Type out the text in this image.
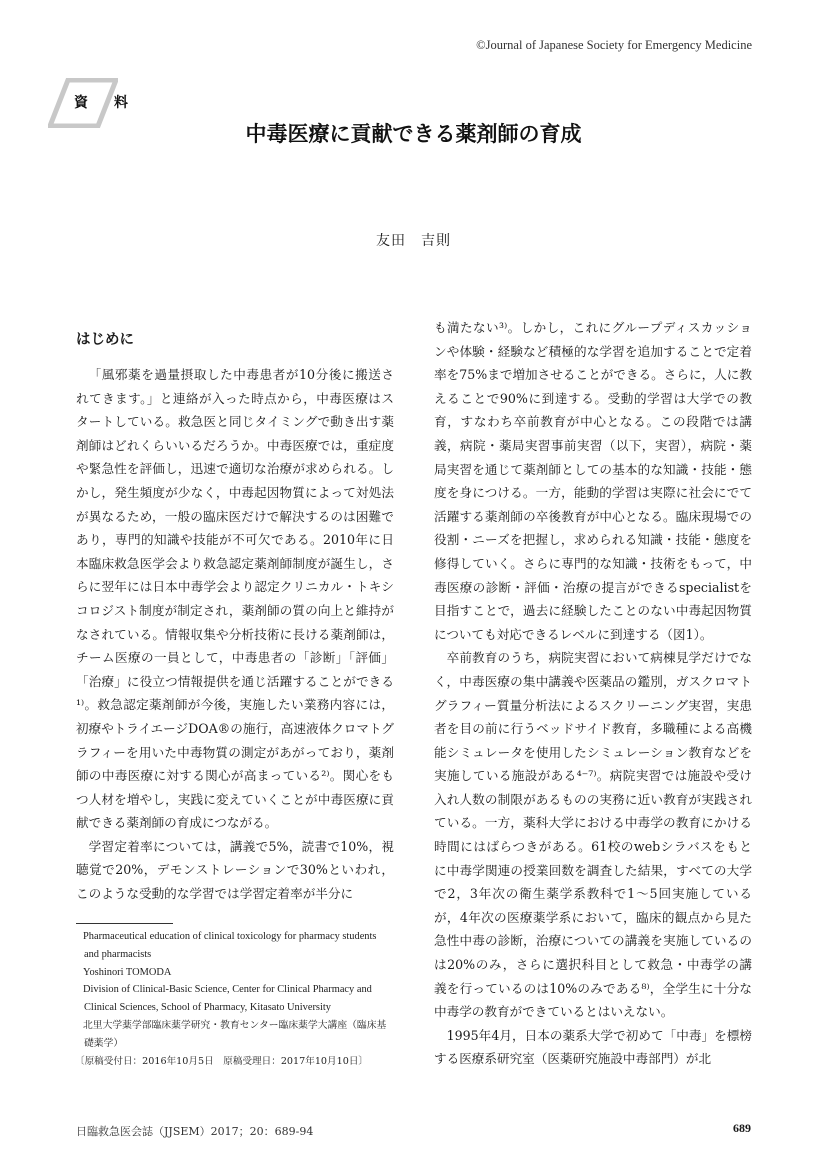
©Journal of Japanese Society for Emergency Medicine
資　料
中毒医療に貢献できる薬剤師の育成
友田　吉則
はじめに

「風邪薬を過量摂取した中毒患者が10分後に搬送されてきます。」と連絡が入った時点から，中毒医療はスタートしている。救急医と同じタイミングで動き出す薬剤師はどれくらいいるだろうか。中毒医療では，重症度や緊急性を評価し，迅速で適切な治療が求められる。しかし，発生頻度が少なく，中毒起因物質によって対処法が異なるため，一般の臨床医だけで解決するのは困難であり，専門的知識や技能が不可欠である。2010年に日本臨床救急医学会より救急認定薬剤師制度が誕生し，さらに翌年には日本中毒学会より認定クリニカル・トキシコロジスト制度が制定され，薬剤師の質の向上と維持がなされている。情報収集や分析技術に長ける薬剤師は，チーム医療の一員として，中毒患者の「診断」「評価」「治療」に役立つ情報提供を通じ活躍することができる¹⁾。救急認定薬剤師が今後，実施したい業務内容には，初療やトライエージDOA®の施行，高速液体クロマトグラフィーを用いた中毒物質の測定があがっており，薬剤師の中毒医療に対する関心が高まっている²⁾。関心をもつ人材を増やし，実践に変えていくことが中毒医療に貢献できる薬剤師の育成につながる。

学習定着率については，講義で5%，読書で10%，視聴覚で20%，デモンストレーションで30%といわれ，このような受動的な学習では学習定着率が半分に

も満たない³⁾。しかし，これにグループディスカッションや体験・経験など積極的な学習を追加することで定着率を75%まで増加させることができる。さらに，人に教えることで90%に到達する。受動的学習は大学での教育，すなわち卒前教育が中心となる。この段階では講義，病院・薬局実習事前実習（以下，実習），病院・薬局実習を通じて薬剤師としての基本的な知識・技能・態度を身につける。一方，能動的学習は実際に社会にでて活躍する薬剤師の卒後教育が中心となる。臨床現場での役割・ニーズを把握し，求められる知識・技能・態度を修得していく。さらに専門的な知識・技術をもって，中毒医療の診断・評価・治療の提言ができるspecialistを目指すことで，過去に経験したことのない中毒起因物質についても対応できるレベルに到達する（図1）。

卒前教育のうち，病院実習において病棟見学だけでなく，中毒医療の集中講義や医薬品の鑑別，ガスクロマトグラフィー質量分析法によるスクリーニング実習，実患者を目の前に行うベッドサイド教育，多職種による高機能シミュレータを使用したシミュレーション教育などを実施している施設がある⁴⁻⁷⁾。病院実習では施設や受け入れ人数の制限があるものの実務に近い教育が実践されている。一方，薬科大学における中毒学の教育にかける時間にはばらつきがある。61校のwebシラバスをもとに中毒学関連の授業回数を調査した結果，すべての大学で2，3年次の衛生薬学系教科で1～5回実施しているが，4年次の医療薬学系において，臨床的観点から見た急性中毒の診断，治療についての講義を実施しているのは20%のみ，さらに選択科目として救急・中毒学の講義を行っているのは10%のみである⁸⁾，全学生に十分な中毒学の教育ができているとはいえない。

1995年4月，日本の薬系大学で初めて「中毒」を標榜する医療系研究室（医薬研究施設中毒部門）が北

Pharmaceutical education of clinical toxicology for pharmacy students and pharmacists

Yoshinori TOMODA

Division of Clinical-Basic Science, Center for Clinical Pharmacy and Clinical Sciences, School of Pharmacy, Kitasato University

北里大学薬学部臨床薬学研究・教育センター臨床薬学大講座（臨床基礎薬学）

〔原稿受付日：2016年10月5日　原稿受理日：2017年10月10日〕

日臨救急医会誌（JJSEM）2017；20：689-94	689
